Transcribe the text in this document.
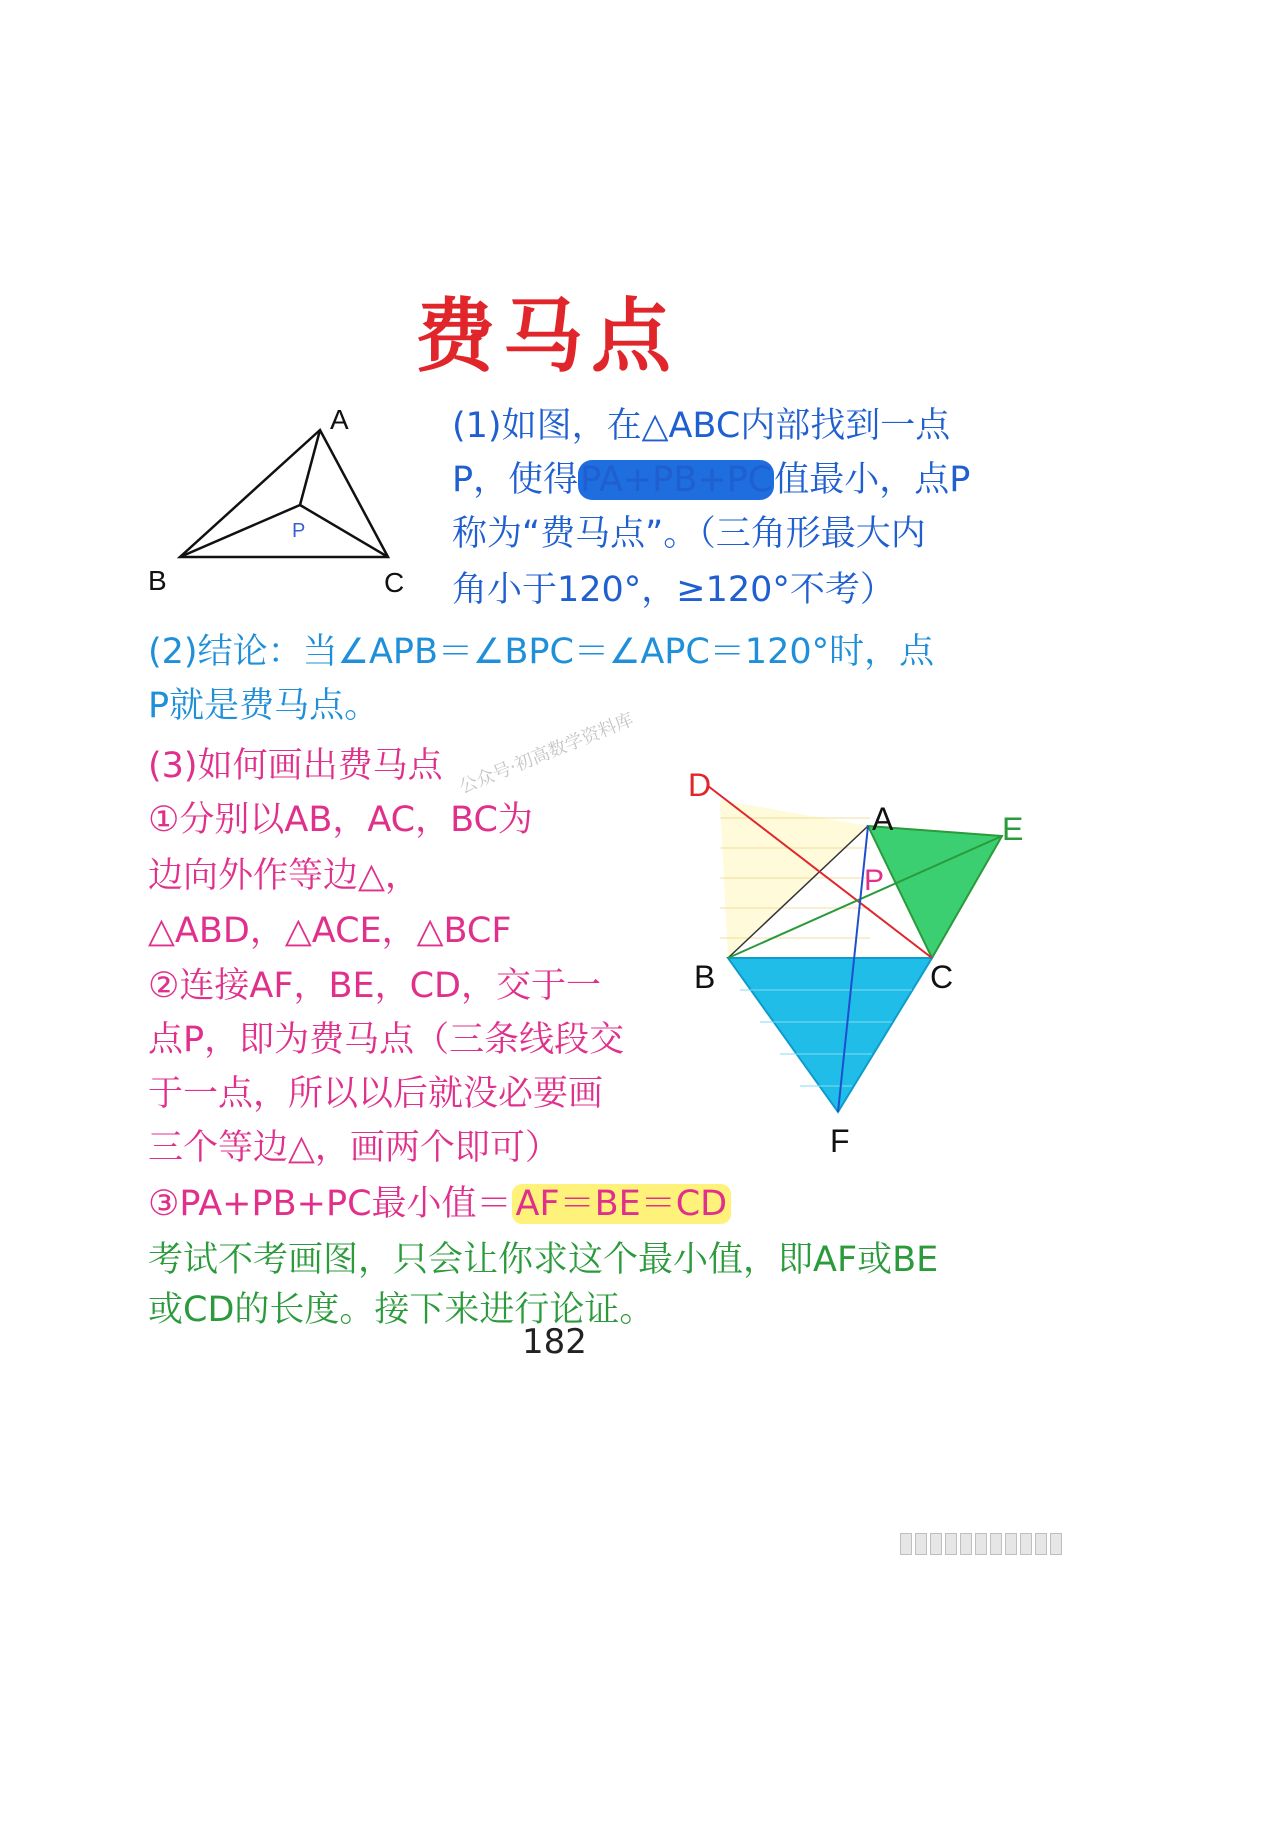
费马点
A
B	C
P
(1)如图，在△ABC内部找到一点
P，使得PA+PB+PC值最小，点P
称为“费马点”。（三角形最大内
角小于120°，≥120°不考）
(2)结论：当∠APB＝∠BPC＝∠APC＝120°时，点
P就是费马点。
公众号·初高数学资料库
(3)如何画出费马点
①分别以AB，AC，BC为
边向外作等边△，
△ABD，△ACE，△BCF
②连接AF，BE，CD，交于一
点P，即为费马点（三条线段交
于一点，所以以后就没必要画
三个等边△，画两个即可）
③PA+PB+PC最小值＝ AF＝BE＝CD
考试不考画图，只会让你求这个最小值，即AF或BE
或CD的长度。接下来进行论证。
182
D
A	E
P
B	C
F
